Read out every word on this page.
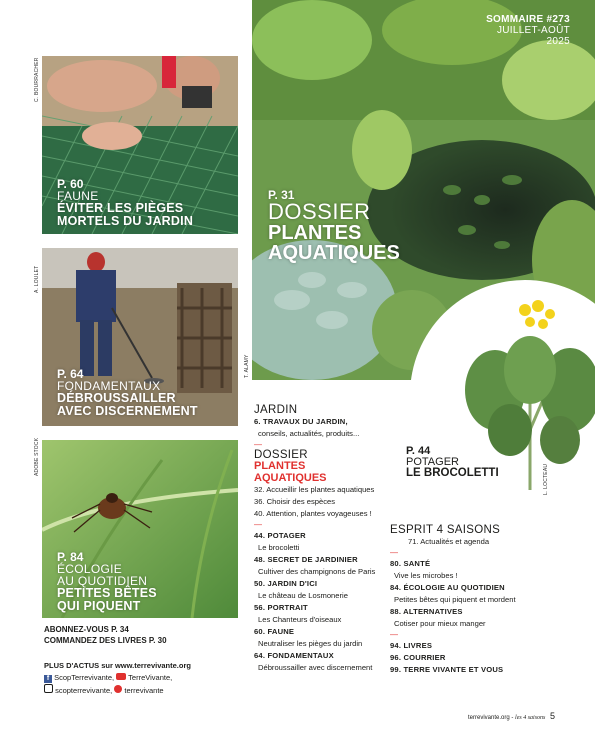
P. 60
FAUNE
ÉVITER LES PIÈGES
MORTELS DU JARDIN
C. BOURRACHER
P. 64
FONDAMENTAUX
DÉBROUSSAILLER
AVEC DISCERNEMENT
A. LOULET
P. 84
ÉCOLOGIE
AU QUOTIDIEN
PETITES BÊTES
QUI PIQUENT
ADOBE STOCK
SOMMAIRE #273
JUILLET-AOÛT 2025
P. 31
DOSSIER
PLANTES
AQUATIQUES
T. ALAMY
P. 44
POTAGER
LE BROCOLETTI	L. LOCTEAU
ABONNEZ-VOUS P. 34
COMMANDEZ DES LIVRES P. 30
PLUS D'ACTUS sur www.terrevivante.org
f ScopTerrevivante, TerreVivante,
scopterrevivante, terrevivante
JARDIN
6. TRAVAUX DU JARDIN,
conseils, actualités, produits...
—
DOSSIER
PLANTES
AQUATIQUES
32. Accueillir les plantes aquatiques
36. Choisir des espèces
40. Attention, plantes voyageuses !
—
44. POTAGER
Le brocoletti
48. SECRET DE JARDINIER
Cultiver des champignons de Paris
50. JARDIN D'ICI
Le château de Losmonerie
56. PORTRAIT
Les Chanteurs d'oiseaux
60. FAUNE
Neutraliser les pièges du jardin
64. FONDAMENTAUX
Débroussailler avec discernement
ESPRIT 4 SAISONS
71. Actualités et agenda
—
80. SANTÉ
Vive les microbes !
84. ÉCOLOGIE AU QUOTIDIEN
Petites bêtes qui piquent et mordent
88. ALTERNATIVES
Cotiser pour mieux manger
—
94. LIVRES
96. COURRIER
99. TERRE VIVANTE ET VOUS
terrevivante.org - les 4 saisons 5
